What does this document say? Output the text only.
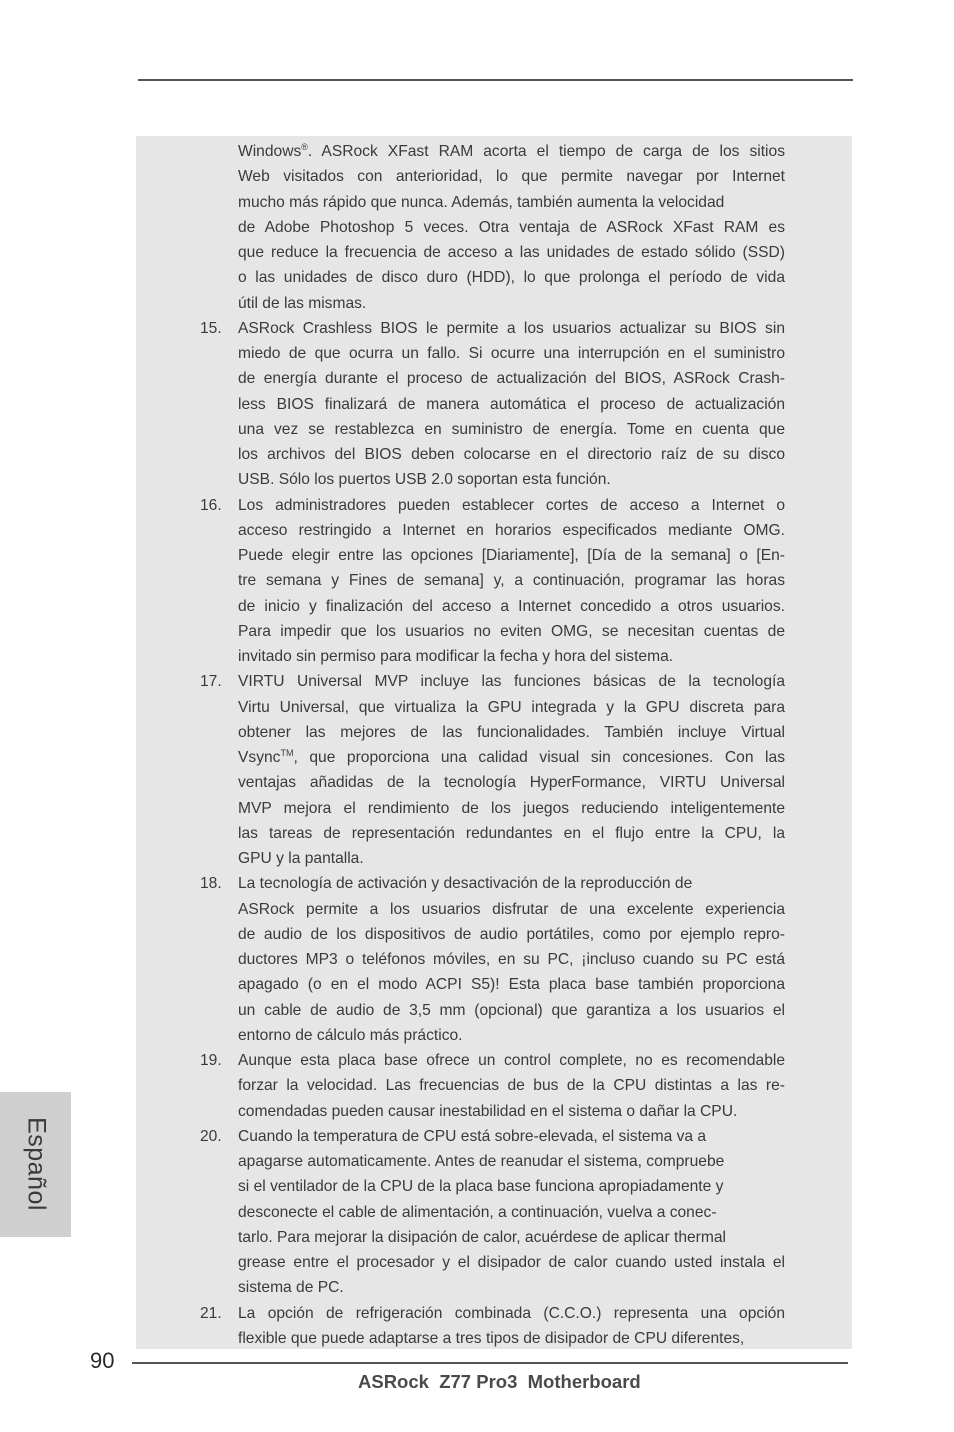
Español
Windows®. ASRock XFast RAM acorta el tiempo de carga de los sitios
Web visitados con anterioridad, lo que permite navegar por Internet
mucho más rápido que nunca. Además, también aumenta la velocidad
de Adobe Photoshop 5 veces. Otra ventaja de ASRock XFast RAM es
que reduce la frecuencia de acceso a las unidades de estado sólido (SSD)
o las unidades de disco duro (HDD), lo que prolonga el período de vida
útil de las mismas.
15.	ASRock Crashless BIOS le permite a los usuarios actualizar su BIOS sin
miedo de que ocurra un fallo. Si ocurre una interrupción en el suministro
de energía durante el proceso de actualización del BIOS, ASRock Crash-
less BIOS finalizará de manera automática el proceso de actualización
una vez se restablezca en suministro de energía. Tome en cuenta que
los archivos del BIOS deben colocarse en el directorio raíz de su disco
USB. Sólo los puertos USB 2.0 soportan esta función.
16.	Los administradores pueden establecer cortes de acceso a Internet o
acceso restringido a Internet en horarios especificados mediante OMG.
Puede elegir entre las opciones [Diariamente], [Día de la semana] o [En-
tre semana y Fines de semana] y, a continuación, programar las horas
de inicio y finalización del acceso a Internet concedido a otros usuarios.
Para impedir que los usuarios no eviten OMG, se necesitan cuentas de
invitado sin permiso para modificar la fecha y hora del sistema.
17.	VIRTU Universal MVP incluye las funciones básicas de la tecnología
Virtu Universal, que virtualiza la GPU integrada y la GPU discreta para
obtener las mejores de las funcionalidades. También incluye Virtual
Vsync™, que proporciona una calidad visual sin concesiones. Con las
ventajas añadidas de la tecnología HyperFormance, VIRTU Universal
MVP mejora el rendimiento de los juegos reduciendo inteligentemente
las tareas de representación redundantes en el flujo entre la CPU, la
GPU y la pantalla.
18.	La tecnología de activación y desactivación de la reproducción de
ASRock permite a los usuarios disfrutar de una excelente experiencia
de audio de los dispositivos de audio portátiles, como por ejemplo repro-
ductores MP3 o teléfonos móviles, en su PC, ¡incluso cuando su PC está
apagado (o en el modo ACPI S5)! Esta placa base también proporciona
un cable de audio de 3,5 mm (opcional) que garantiza a los usuarios el
entorno de cálculo más práctico.
19.	Aunque esta placa base ofrece un control complete, no es recomendable
forzar la velocidad. Las frecuencias de bus de la CPU distintas a las re-
comendadas pueden causar inestabilidad en el sistema o dañar la CPU.
20.	Cuando la temperatura de CPU está sobre-elevada, el sistema va a
apagarse automaticamente. Antes de reanudar el sistema, compruebe
si el ventilador de la CPU de la placa base funciona apropiadamente y
desconecte el cable de alimentación, a continuación, vuelva a conec-
tarlo. Para mejorar la disipación de calor, acuérdese de aplicar thermal
grease entre el procesador y el disipador de calor cuando usted instala el
sistema de PC.
21.	La opción de refrigeración combinada (C.C.O.) representa una opción
flexible que puede adaptarse a tres tipos de disipador de CPU diferentes,
90
ASRock  Z77 Pro3  Motherboard
